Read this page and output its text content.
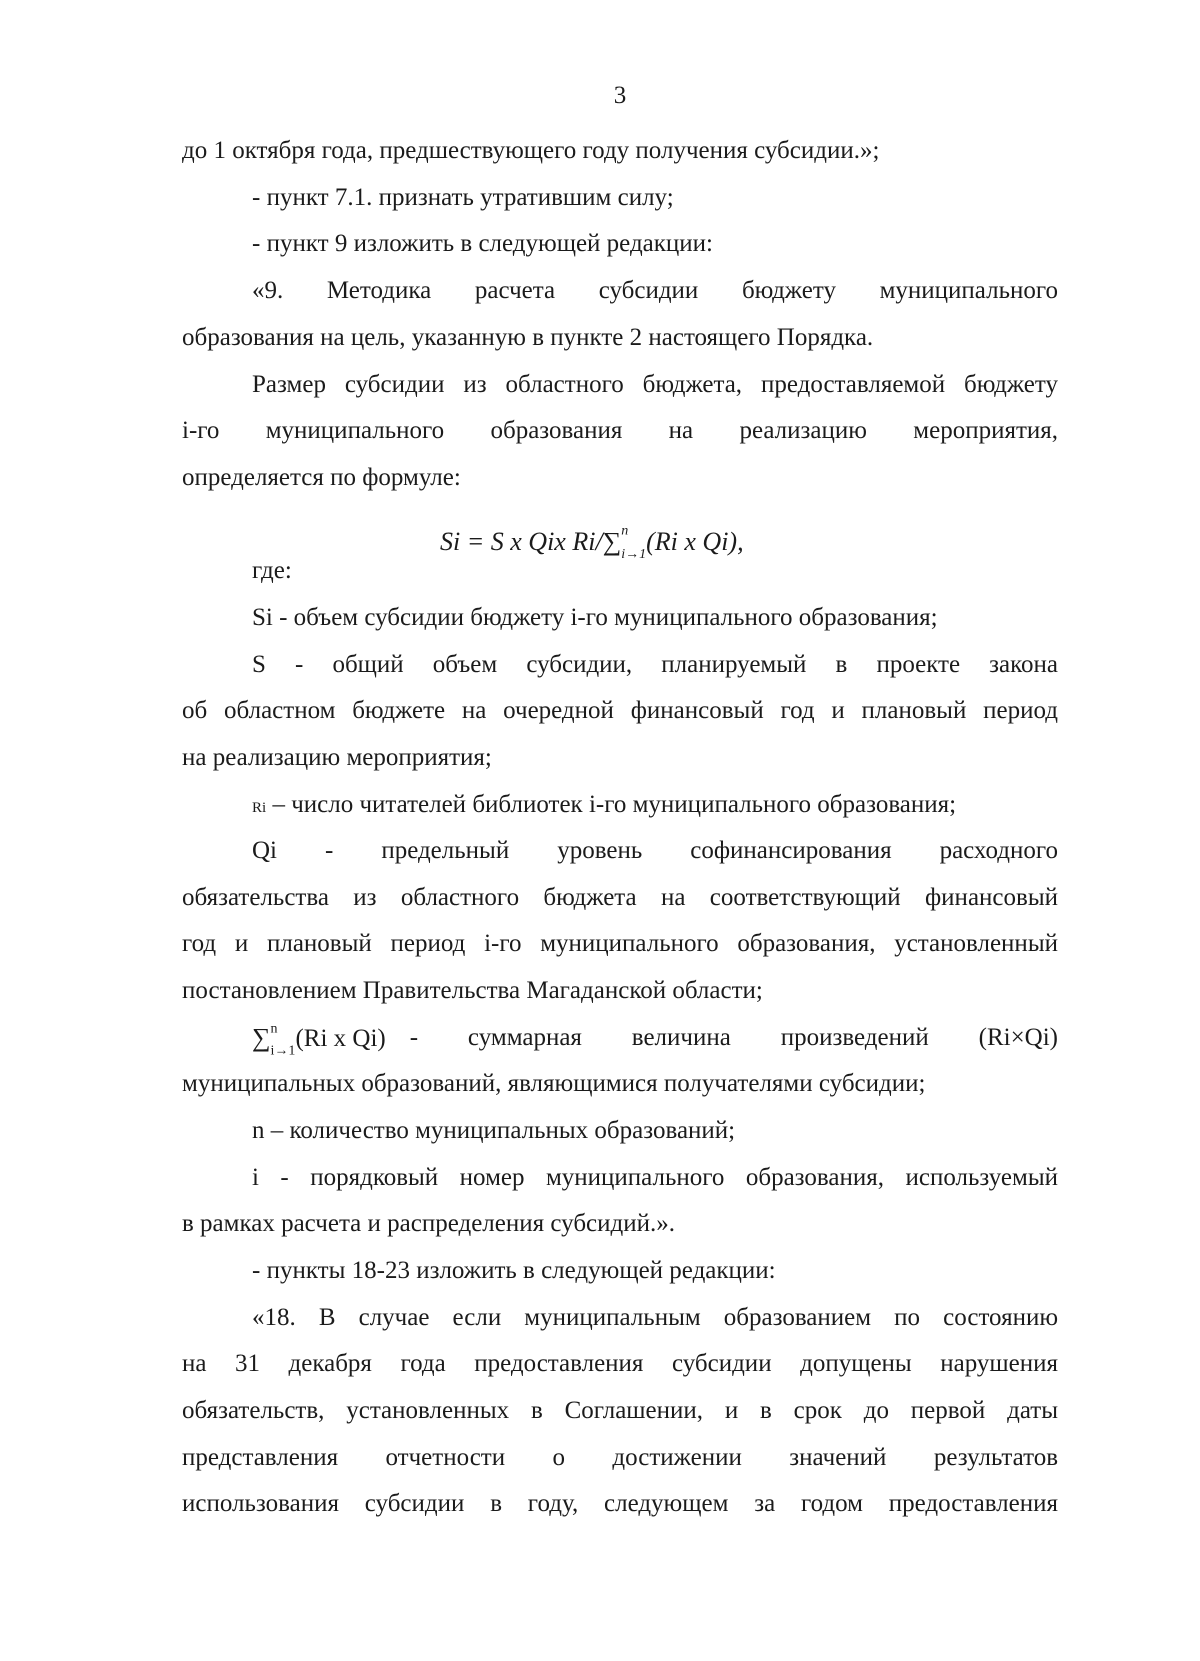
3
до 1 октября года, предшествующего году получения субсидии.»;
- пункт 7.1. признать утратившим силу;
- пункт 9 изложить в следующей редакции:
«9. Методика расчета субсидии бюджету муниципального
образования на цель, указанную в пункте 2 настоящего Порядка.
Размер субсидии из областного бюджета, предоставляемой бюджету
i-го муниципального образования на реализацию мероприятия,
определяется по формуле:
Si = S x Qix Ri/∑$^n$
$_{i\to 1}$(Ri x Qi),
где:
Si - объем субсидии бюджету i-го муниципального образования;
S - общий объем субсидии, планируемый в проекте закона
об областном бюджете на очередной финансовый год и плановый период
на реализацию мероприятия;
Ri – число читателей библиотек i-го муниципального образования;
Qi - предельный уровень софинансирования расходного
обязательства из областного бюджета на соответствующий финансовый
год и плановый период i-го муниципального образования, установленный
постановлением Правительства Магаданской области;
∑$^n$
$_{i\to 1}$(Ri x Qi) - суммарная величина произведений (Ri×Qi)
муниципальных образований, являющимися получателями субсидии;
n – количество муниципальных образований;
i - порядковый номер муниципального образования, используемый
в рамках расчета и распределения субсидий.».
- пункты 18-23 изложить в следующей редакции:
«18. В случае если муниципальным образованием по состоянию
на 31 декабря года предоставления субсидии допущены нарушения
обязательств, установленных в Соглашении, и в срок до первой даты
представления отчетности о достижении значений результатов
использования субсидии в году, следующем за годом предоставления
